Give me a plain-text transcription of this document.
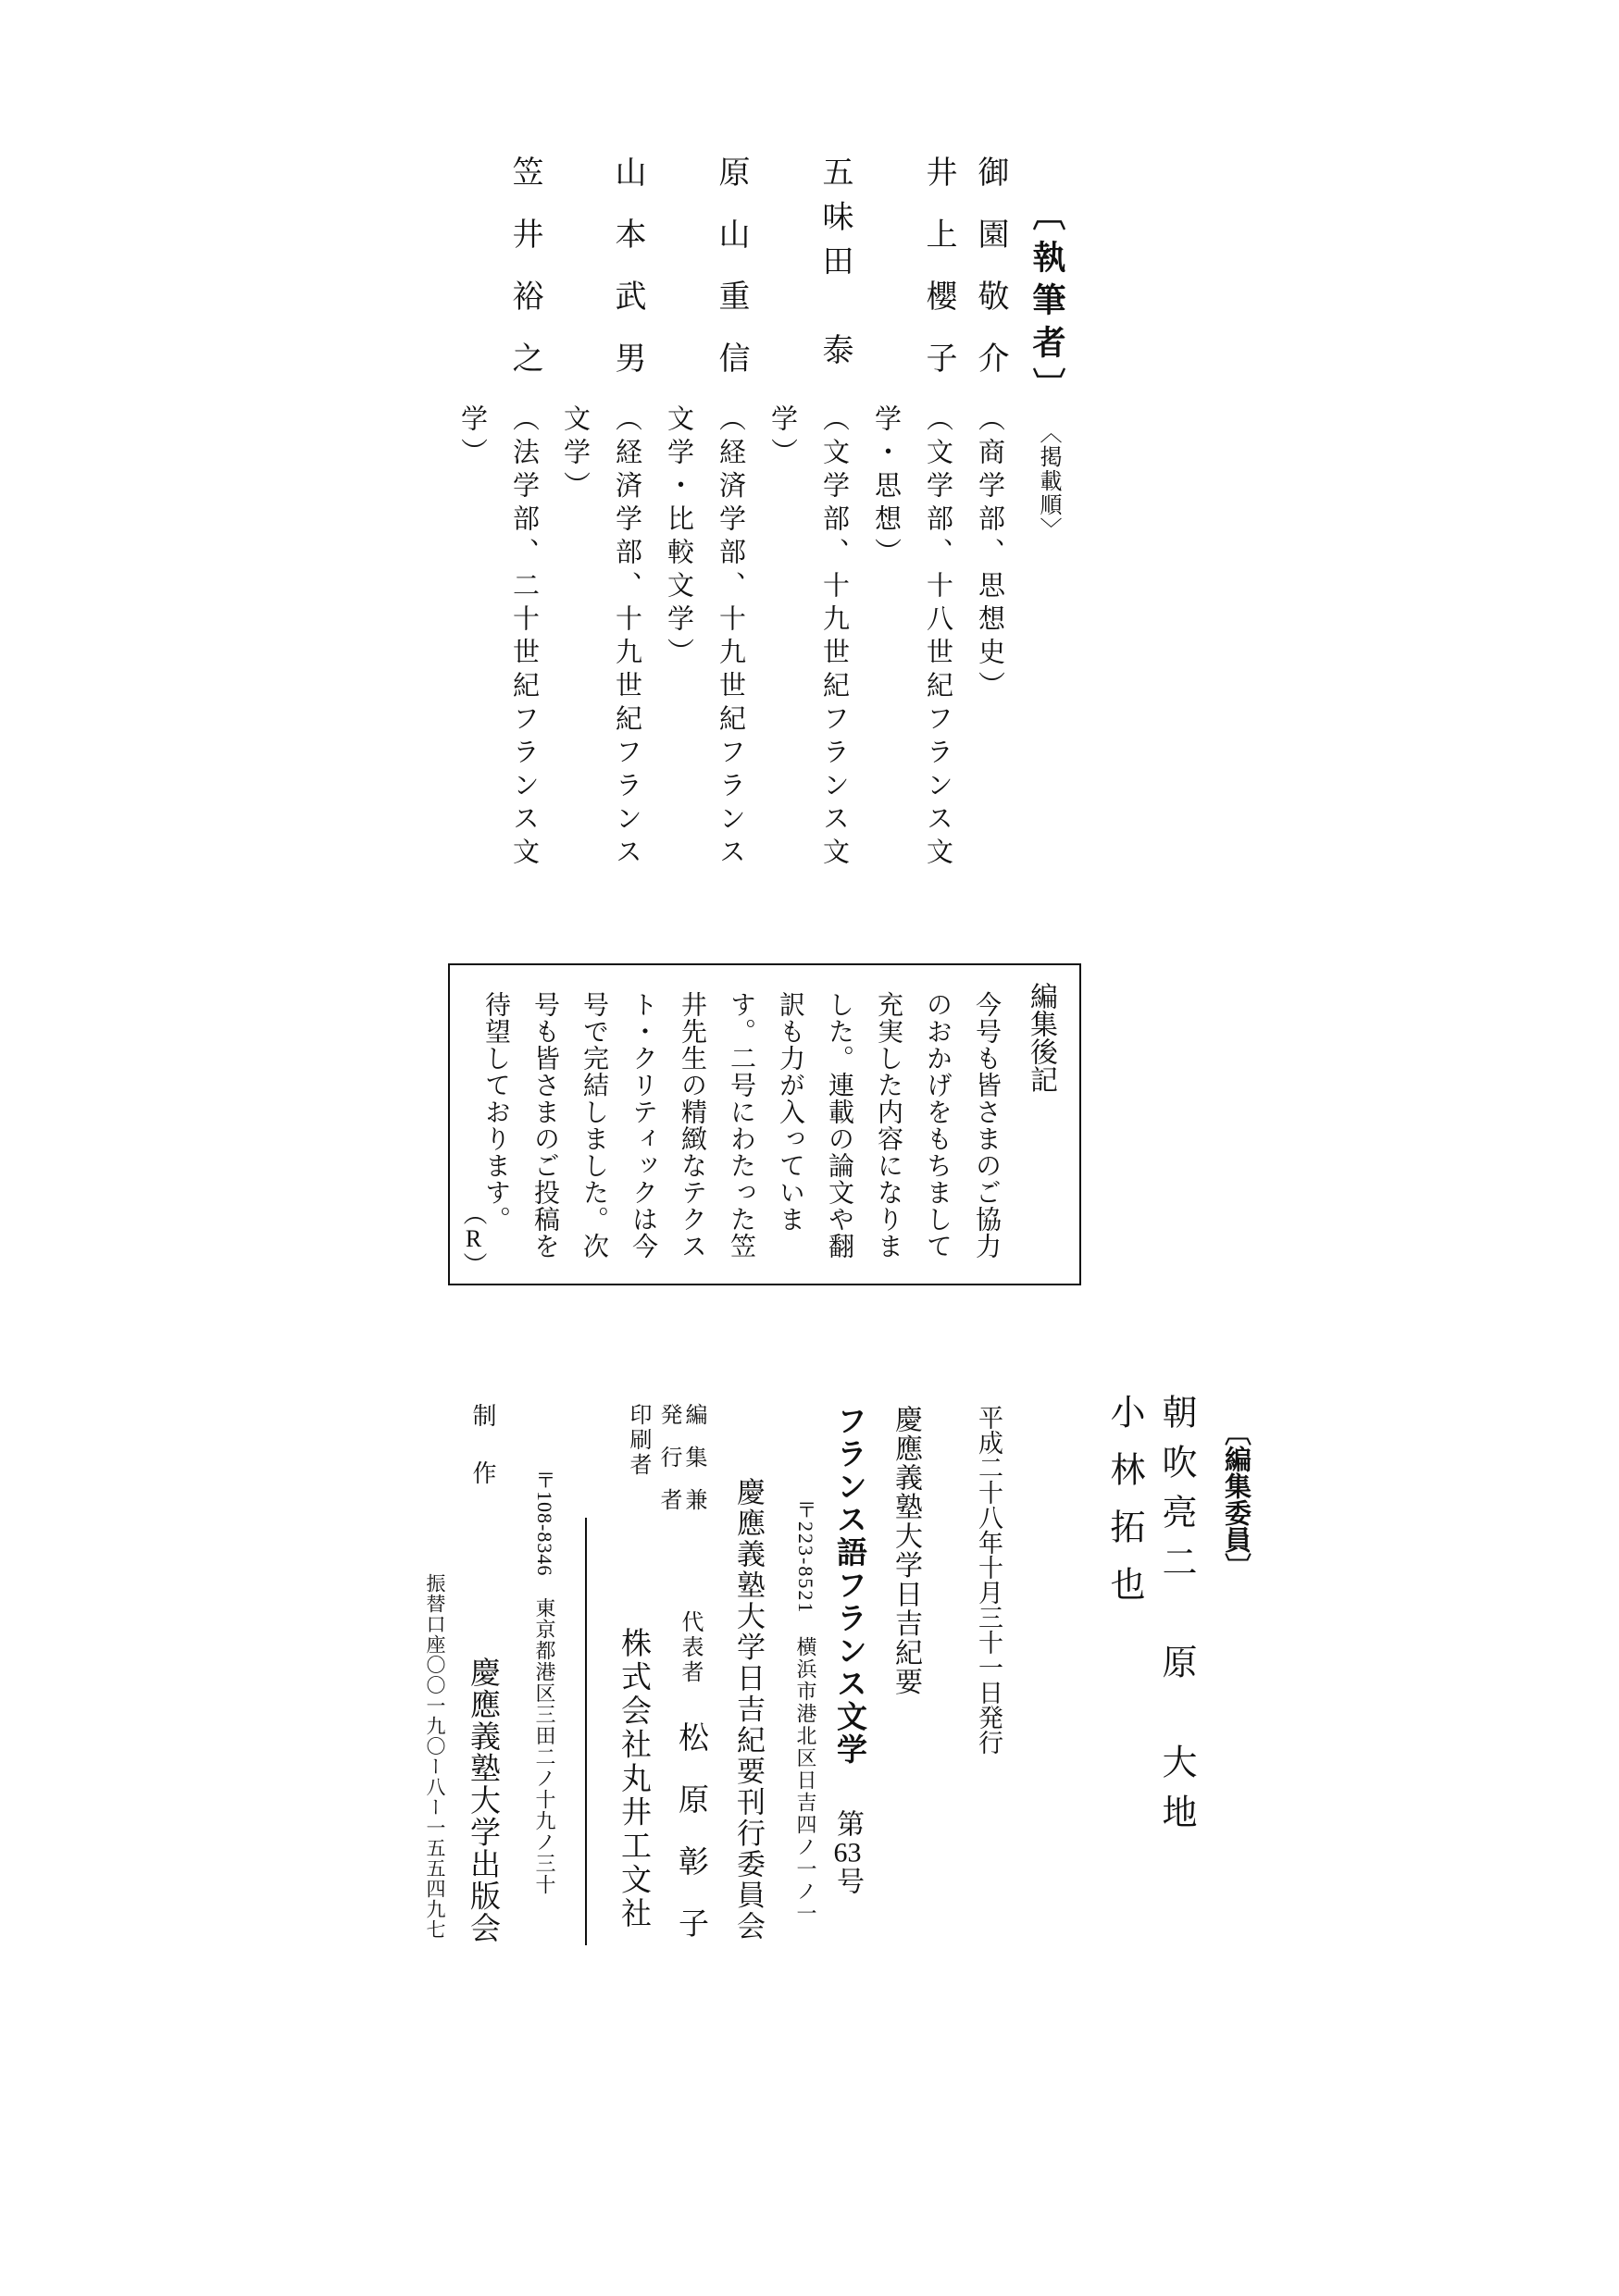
〔執筆者〕
〈掲載順〉
御園敬介
（商学部、思想史）
井上櫻子
（文学部、十八世紀フランス文
学・思想）
五味田　泰
（文学部、十九世紀フランス文
学）
原山重信
（経済学部、十九世紀フランス
文学・比較文学）
山本武男
（経済学部、十九世紀フランス
文学）
笠井裕之
（法学部、二十世紀フランス文
学）
編集後記
今号も皆さまのご協力
のおかげをもちまして
充実した内容になりま
した。連載の論文や翻
訳も力が入っていま
す。二号にわたった笠
井先生の精緻なテクス
ト・クリティックは今
号で完結しました。次
号も皆さまのご投稿を
待望しております。
（R）
〔編集委員〕
朝吹亮二　原　大地
小林拓也
平成二十八年十月三十一日発行
慶應義塾大学日吉紀要
フランス語フランス文学
第63号
〒223-8521　横浜市港北区日吉四ノ一ノ一
慶應義塾大学日吉紀要刊行委員会
編集兼
発行者
代表者
松原彰子
印刷者
株式会社丸井工文社
〒108-8346　東京都港区三田二ノ十九ノ三十
制　作
慶應義塾大学出版会
振替口座〇〇一九〇ー八ー一五五四九七
